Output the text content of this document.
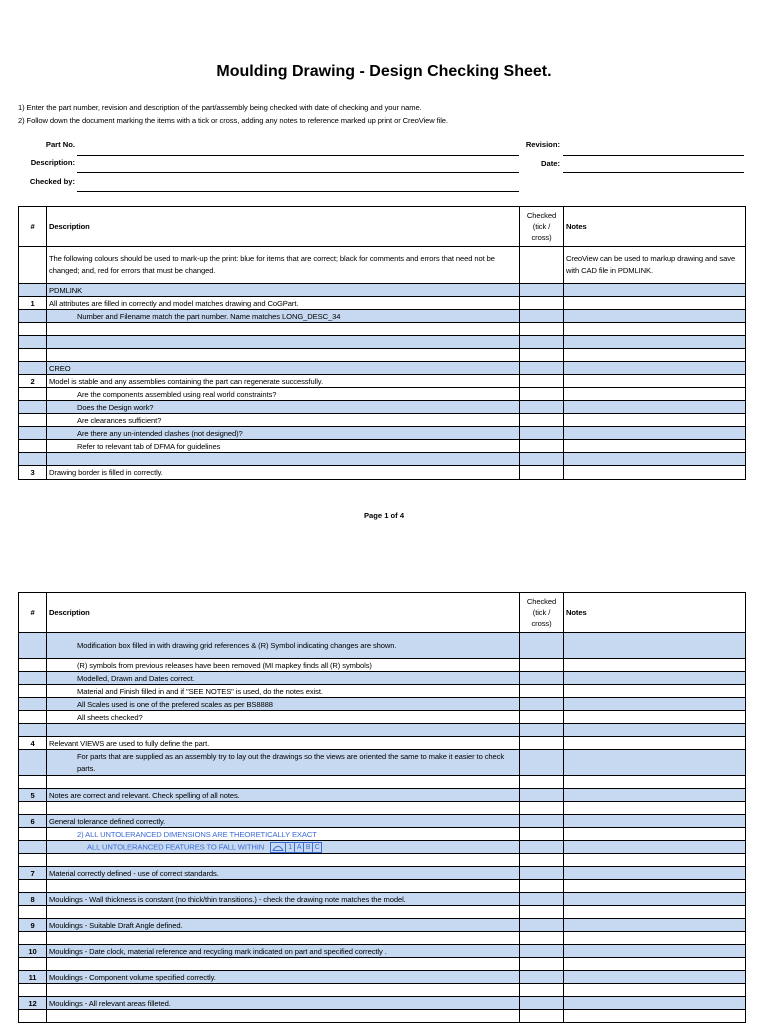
Moulding Drawing - Design Checking Sheet.
1) Enter the part number, revision and description of the part/assembly being checked with date of checking and your name.
2) Follow down the document marking the items with a tick or cross, adding any notes to reference marked up print or CreoView file.
Part No.
Description:
Checked by:
Revision:
Date:
#	Description	Checked
(tick /
cross)	Notes
	The following colours should be used to mark-up the print: blue for items that are correct; black for comments and errors that need not be changed; and, red for errors that must be changed.		CreoView can be used to markup drawing and save with CAD file in PDMLINK.
	PDMLINK		
1	All attributes are filled in correctly and model matches drawing and CoGPart.		
	Number and Filename match the part number. Name matches LONG_DESC_34		

	CREO		
2	Model is stable and any assemblies containing the part can regenerate successfully.		
	Are the components assembled using real world constraints?		
	Does the Design work?		
	Are clearances sufficient?		
	Are there any un-intended clashes (not designed)?		
	Refer to relevant tab of DFMA for guidelines		

3	Drawing border is filled in correctly.		
Page 1 of 4
#	Description	Checked
(tick /
cross)	Notes
	Modification box filled in with drawing grid references & (R) Symbol indicating changes are shown.		
	(R) symbols from previous releases have been removed (MI mapkey finds all (R) symbols)		
	Modelled, Drawn and Dates correct.		
	Material and Finish filled in and if "SEE NOTES" is used, do the notes exist.		
	All Scales used is one of the prefered scales as per BS8888		
	All sheets checked?		

4	Relevant VIEWS are used to fully define the part.		
	For parts that are supplied as an assembly try to lay out the drawings so the views are oriented the same to make it easier to check parts.		

5	Notes are correct and relevant. Check spelling of all notes.		

6	General tolerance defined correctly.		
	2) ALL UNTOLERANCED DIMENSIONS ARE THEORETICALLY EXACT		
	ALL UNTOLERANCED FEATURES TO FALL WITHIN 1 A B C		

7	Material correctly defined - use of correct standards.		

8	Mouldings - Wall thickness is constant (no thick/thin transitions.) - check the drawing note matches the model.		

9	Mouldings - Suitable Draft Angle defined.		

10	Mouldings - Date clock, material reference and recycling mark indicated on part and specified correctly .		

11	Mouldings - Component volume specified correctly.		

12	Mouldings - All relevant areas filleted.		
